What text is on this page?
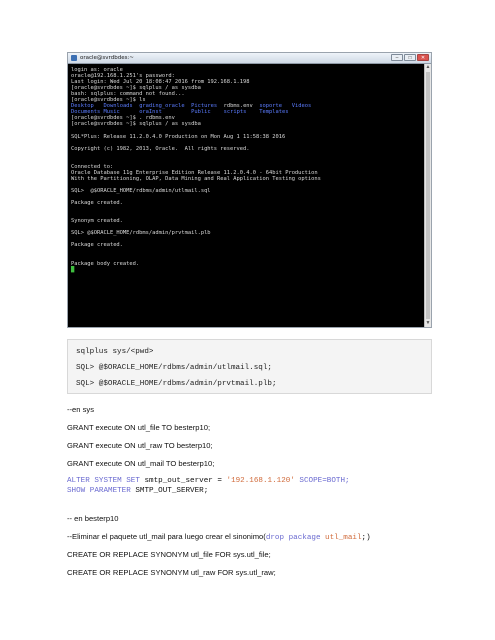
oracle@svrdbdes:~	–	□	✕
login as: oracle
oracle@192.168.1.251's password:
Last login: Wed Jul 20 18:08:47 2016 from 192.168.1.198
[oracle@svrdbdes ~]$ sqlplus / as sysdba
bash: sqlplus: command not found...
[oracle@svrdbdes ~]$ ls
Desktop Downloads grading_oracle Pictures rdbms.env soporte Videos
Documents Music	oraInst	Public scripts Templates
[oracle@svrdbdes ~]$ . rdbms.env
[oracle@svrdbdes ~]$ sqlplus / as sysdba

SQL*Plus: Release 11.2.0.4.0 Production on Mon Aug 1 11:58:38 2016

Copyright (c) 1982, 2013, Oracle.  All rights reserved.

Connected to:
Oracle Database 11g Enterprise Edition Release 11.2.0.4.0 - 64bit Production
With the Partitioning, OLAP, Data Mining and Real Application Testing options

SQL>  @$ORACLE_HOME/rdbms/admin/utlmail.sql

Package created.

Synonym created.

SQL> @$ORACLE_HOME/rdbms/admin/prvtmail.plb

Package created.

Package body created.
█
▲
▼
sqlplus sys/<pwd>
SQL> @$ORACLE_HOME/rdbms/admin/utlmail.sql;
SQL> @$ORACLE_HOME/rdbms/admin/prvtmail.plb;
--en sys
GRANT execute ON utl_file TO besterp10;
GRANT execute ON utl_raw TO besterp10;
GRANT execute ON utl_mail TO besterp10;
ALTER SYSTEM SET smtp_out_server = '192.168.1.120' SCOPE=BOTH;
SHOW PARAMETER SMTP_OUT_SERVER;
-- en besterp10
--Eliminar el paquete utl_mail para luego crear el sinonimo(drop package utl_mail;)
CREATE OR REPLACE SYNONYM utl_file FOR sys.utl_file;
CREATE OR REPLACE SYNONYM utl_raw FOR sys.utl_raw;
